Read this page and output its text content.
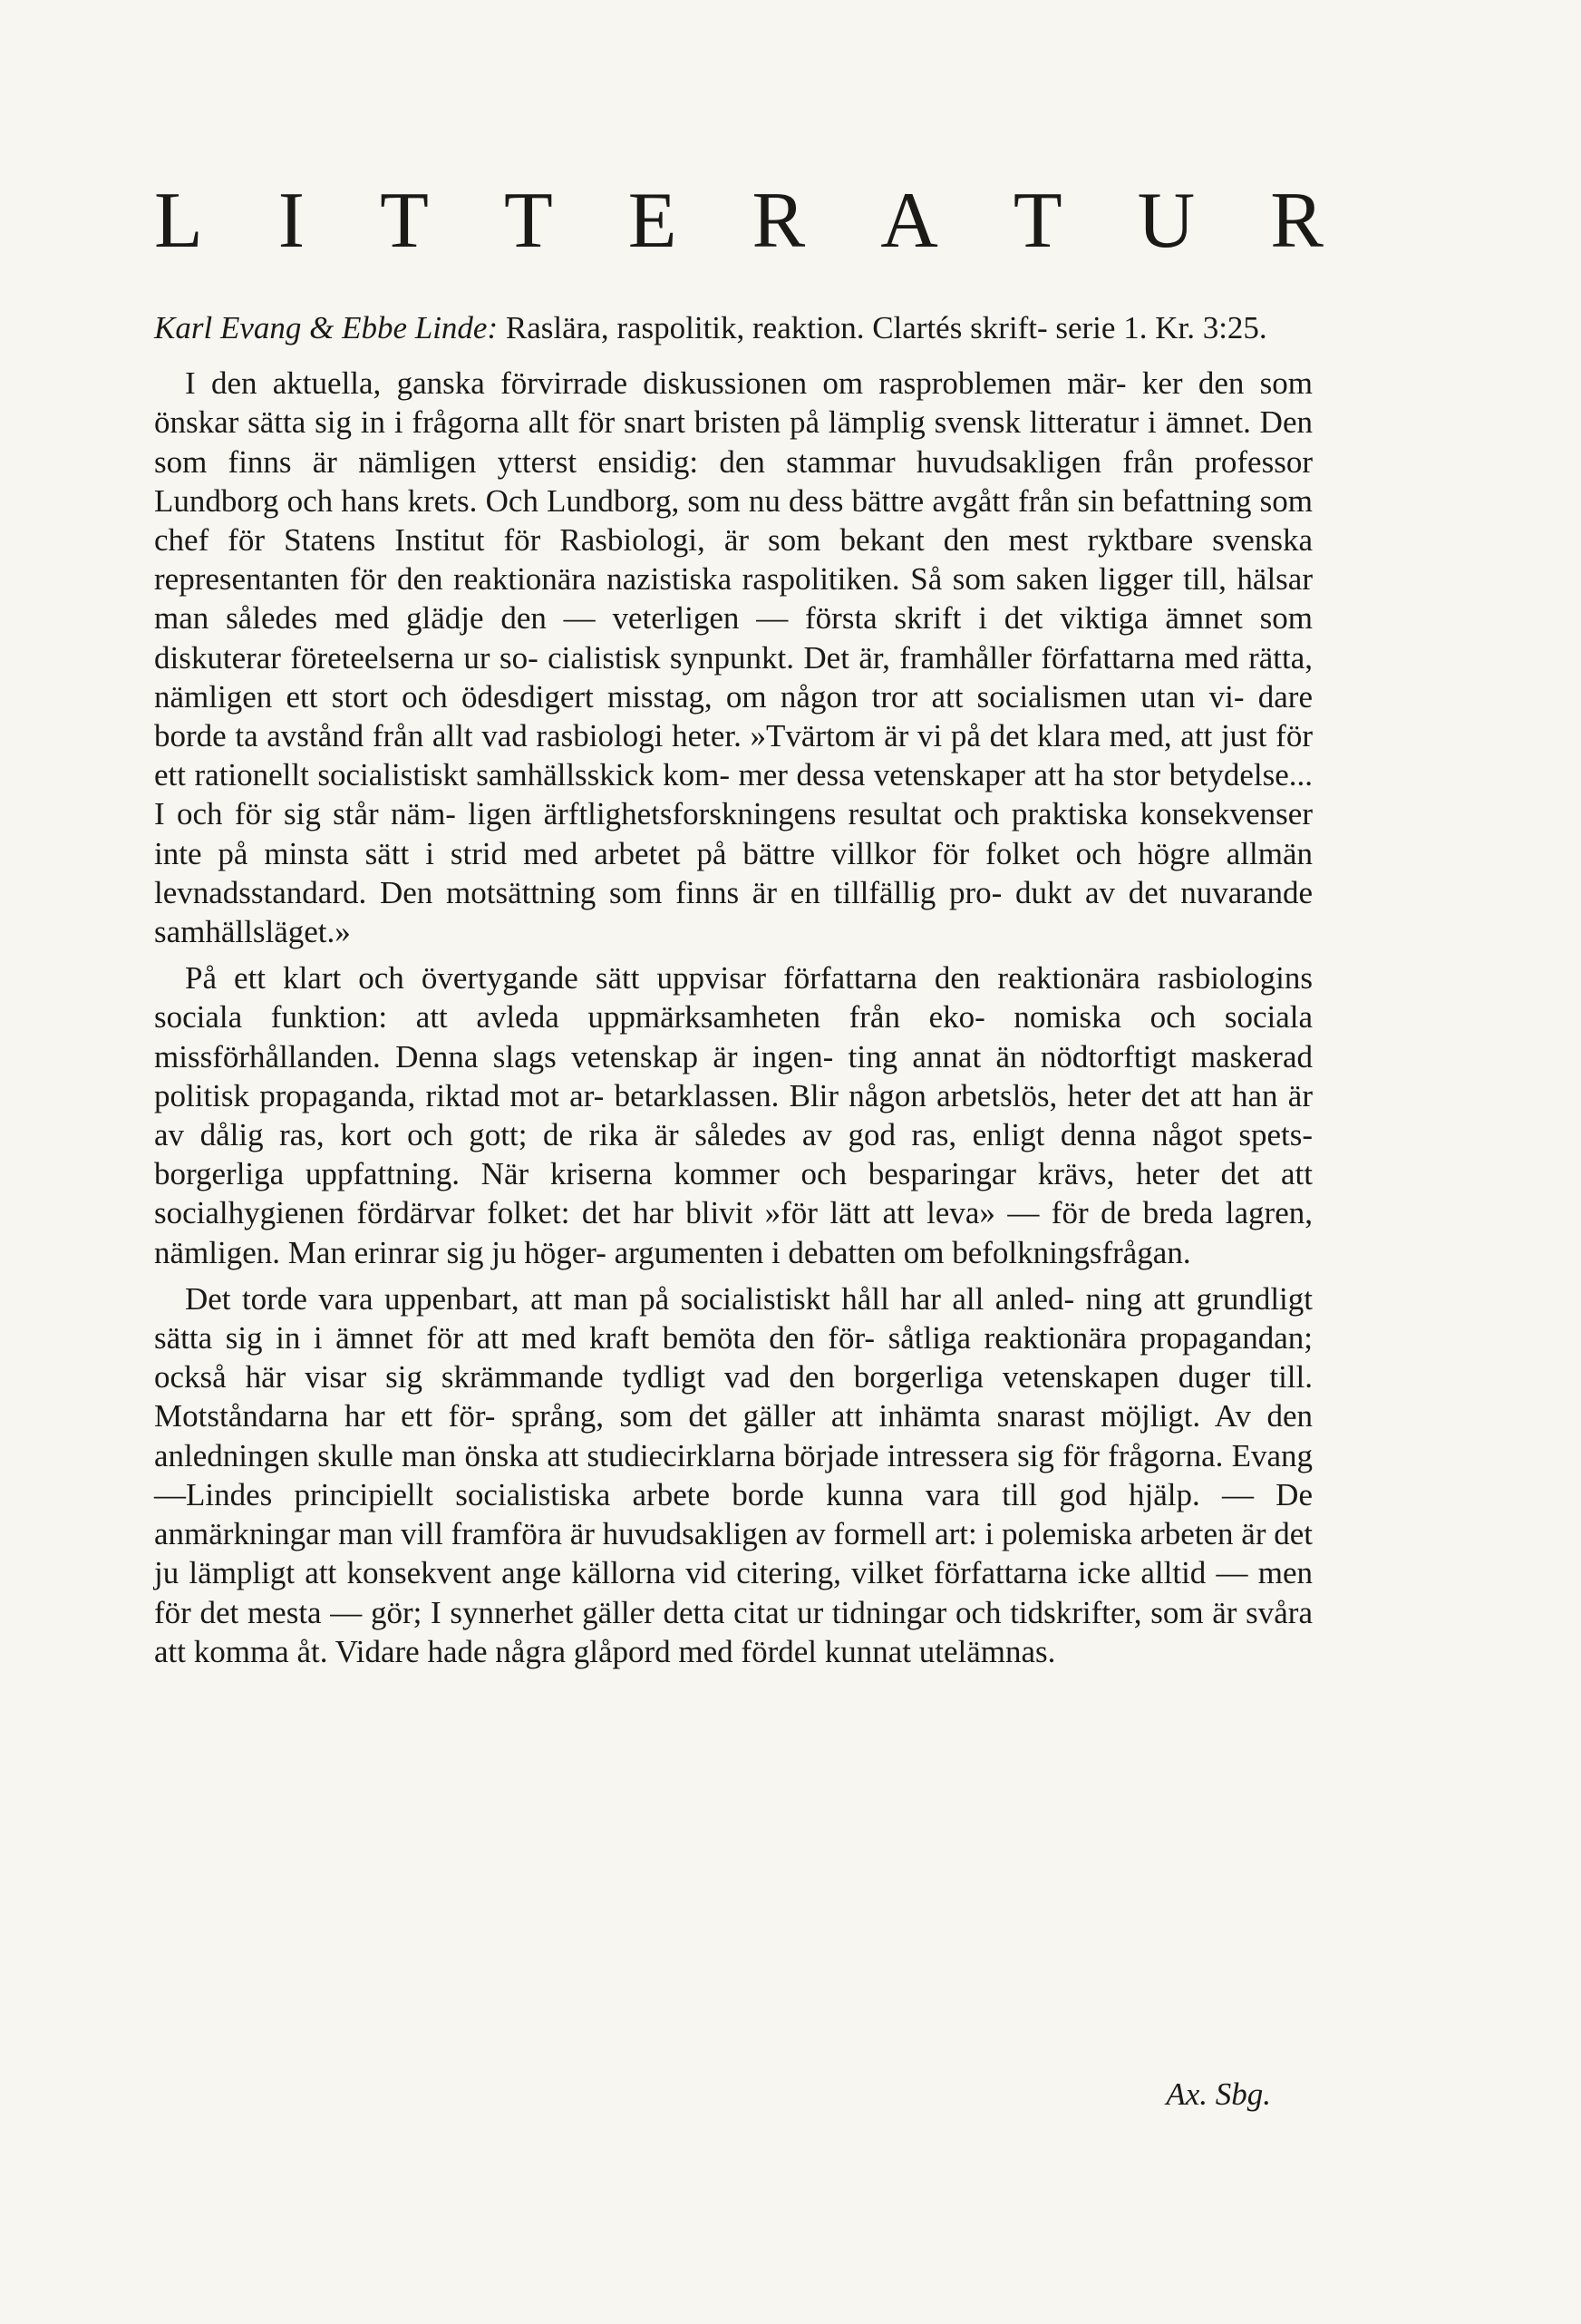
L I T T E R A T U R

Karl Evang & Ebbe Linde: Raslära, raspolitik, reaktion. Clartés skrift- serie 1. Kr. 3:25.

I den aktuella, ganska förvirrade diskussionen om rasproblemen mär- ker den som önskar sätta sig in i frågorna allt för snart bristen på lämplig svensk litteratur i ämnet. Den som finns är nämligen ytterst ensidig: den stammar huvudsakligen från professor Lundborg och hans krets. Och Lundborg, som nu dess bättre avgått från sin befattning som chef för Statens Institut för Rasbiologi, är som bekant den mest ryktbare svenska representanten för den reaktionära nazistiska raspolitiken. Så som saken ligger till, hälsar man således med glädje den — veterligen — första skrift i det viktiga ämnet som diskuterar företeelserna ur so- cialistisk synpunkt. Det är, framhåller författarna med rätta, nämligen ett stort och ödesdigert misstag, om någon tror att socialismen utan vi- dare borde ta avstånd från allt vad rasbiologi heter. »Tvärtom är vi på det klara med, att just för ett rationellt socialistiskt samhällsskick kom- mer dessa vetenskaper att ha stor betydelse... I och för sig står näm- ligen ärftlighetsforskningens resultat och praktiska konsekvenser inte på minsta sätt i strid med arbetet på bättre villkor för folket och högre allmän levnadsstandard. Den motsättning som finns är en tillfällig pro- dukt av det nuvarande samhällsläget.»

På ett klart och övertygande sätt uppvisar författarna den reaktionära rasbiologins sociala funktion: att avleda uppmärksamheten från eko- nomiska och sociala missförhållanden. Denna slags vetenskap är ingen- ting annat än nödtorftigt maskerad politisk propaganda, riktad mot ar- betarklassen. Blir någon arbetslös, heter det att han är av dålig ras, kort och gott; de rika är således av god ras, enligt denna något spets- borgerliga uppfattning. När kriserna kommer och besparingar krävs, heter det att socialhygienen fördärvar folket: det har blivit »för lätt att leva» — för de breda lagren, nämligen. Man erinrar sig ju höger- argumenten i debatten om befolkningsfrågan.

Det torde vara uppenbart, att man på socialistiskt håll har all anled- ning att grundligt sätta sig in i ämnet för att med kraft bemöta den för- såtliga reaktionära propagandan; också här visar sig skrämmande tydligt vad den borgerliga vetenskapen duger till. Motståndarna har ett för- språng, som det gäller att inhämta snarast möjligt. Av den anledningen skulle man önska att studiecirklarna började intressera sig för frågorna. Evang—Lindes principiellt socialistiska arbete borde kunna vara till god hjälp. — De anmärkningar man vill framföra är huvudsakligen av formell art: i polemiska arbeten är det ju lämpligt att konsekvent ange källorna vid citering, vilket författarna icke alltid — men för det mesta — gör; I synnerhet gäller detta citat ur tidningar och tidskrifter, som är svåra att komma åt. Vidare hade några glåpord med fördel kunnat utelämnas.

Ax. Sbg.
